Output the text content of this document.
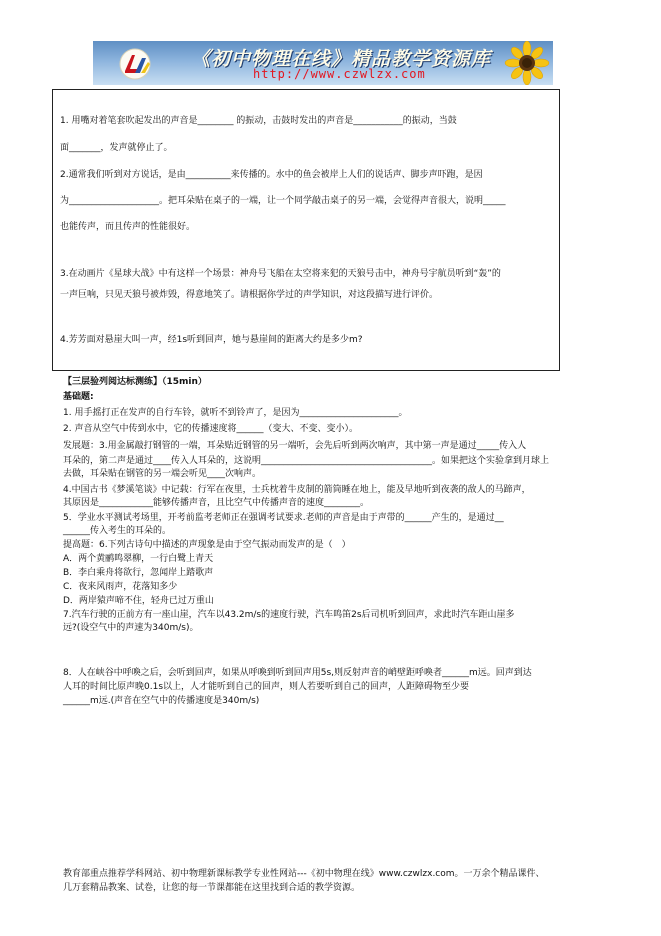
《初中物理在线》精品教学资源库
http://www.czwlzx.com
1. 用嘴对着笔套吹起发出的声音是________ 的振动，击鼓时发出的声音是___________的振动，当鼓
面_______，发声就停止了。
2.通常我们听到对方说话，是由__________来传播的。水中的鱼会被岸上人们的说话声、脚步声吓跑，是因
为____________________。把耳朵贴在桌子的一端，让一个同学敲击桌子的另一端，会觉得声音很大，说明_____
也能传声，而且传声的性能很好。
3.在动画片《星球大战》中有这样一个场景：神舟号飞船在太空将来犯的天狼号击中，神舟号宇航员听到“轰”的
一声巨响，只见天狼号被炸毁，得意地笑了。请根据你学过的声学知识，对这段描写进行评价。
4.芳芳面对悬崖大叫一声，经1s听到回声，她与悬崖间的距离大约是多少m?
【三层验列阅达标测练】（15min）
基础题:
1. 用手摇打正在发声的自行车铃，就听不到铃声了，是因为______________________。
2. 声音从空气中传到水中，它的传播速度将______（变大、不变、变小）。
发展题：3.用金属敲打钢管的一端，耳朵贴近钢管的另一端听，会先后听到两次响声，其中第一声是通过_____传入人
耳朵的，第二声是通过____传入人耳朵的，这说明______________________________________。如果把这个实验拿到月球上
去做，耳朵贴在钢管的另一端会听见____次响声。
4.中国古书《梦溪笔谈》中记载：行军在夜里，士兵枕着牛皮制的箭筒睡在地上，能及早地听到夜袭的敌人的马蹄声，
其原因是____________能够传播声音，且比空气中传播声音的速度________。
5．学业水平测试考场里，开考前监考老师正在强调考试要求.老师的声音是由于声带的______产生的，是通过__
______传入考生的耳朵的。
提高题：6.下列古诗句中描述的声现象是由于空气振动而发声的是（　）
A．两个黄鹂鸣翠柳，一行白鹭上青天
B．李白乘舟将欲行，忽闻岸上踏歌声
C．夜来风雨声，花落知多少
D．两岸猿声啼不住，轻舟已过万重山
7.汽车行驶的正前方有一座山崖，汽车以43.2m/s的速度行驶，汽车鸣笛2s后司机听到回声，求此时汽车距山崖多
远?(设空气中的声速为340m/s)。
8．人在峡谷中呼喚之后，会听到回声，如果从呼喚到听到回声用5s,则反射声音的峭壁距呼喚者______m远。回声到达
人耳的时间比原声晚0.1s以上，人才能听到自己的回声，则人若要听到自己的回声，人距障碍物至少要
______m远.(声音在空气中的传播速度是340m/s)
教育部重点推荐学科网站、初中物理新课标教学专业性网站---《初中物理在线》www.czwlzx.com。一万余个精品课件、
几万套精品教案、试卷，让您的每一节课都能在这里找到合适的教学资源。
